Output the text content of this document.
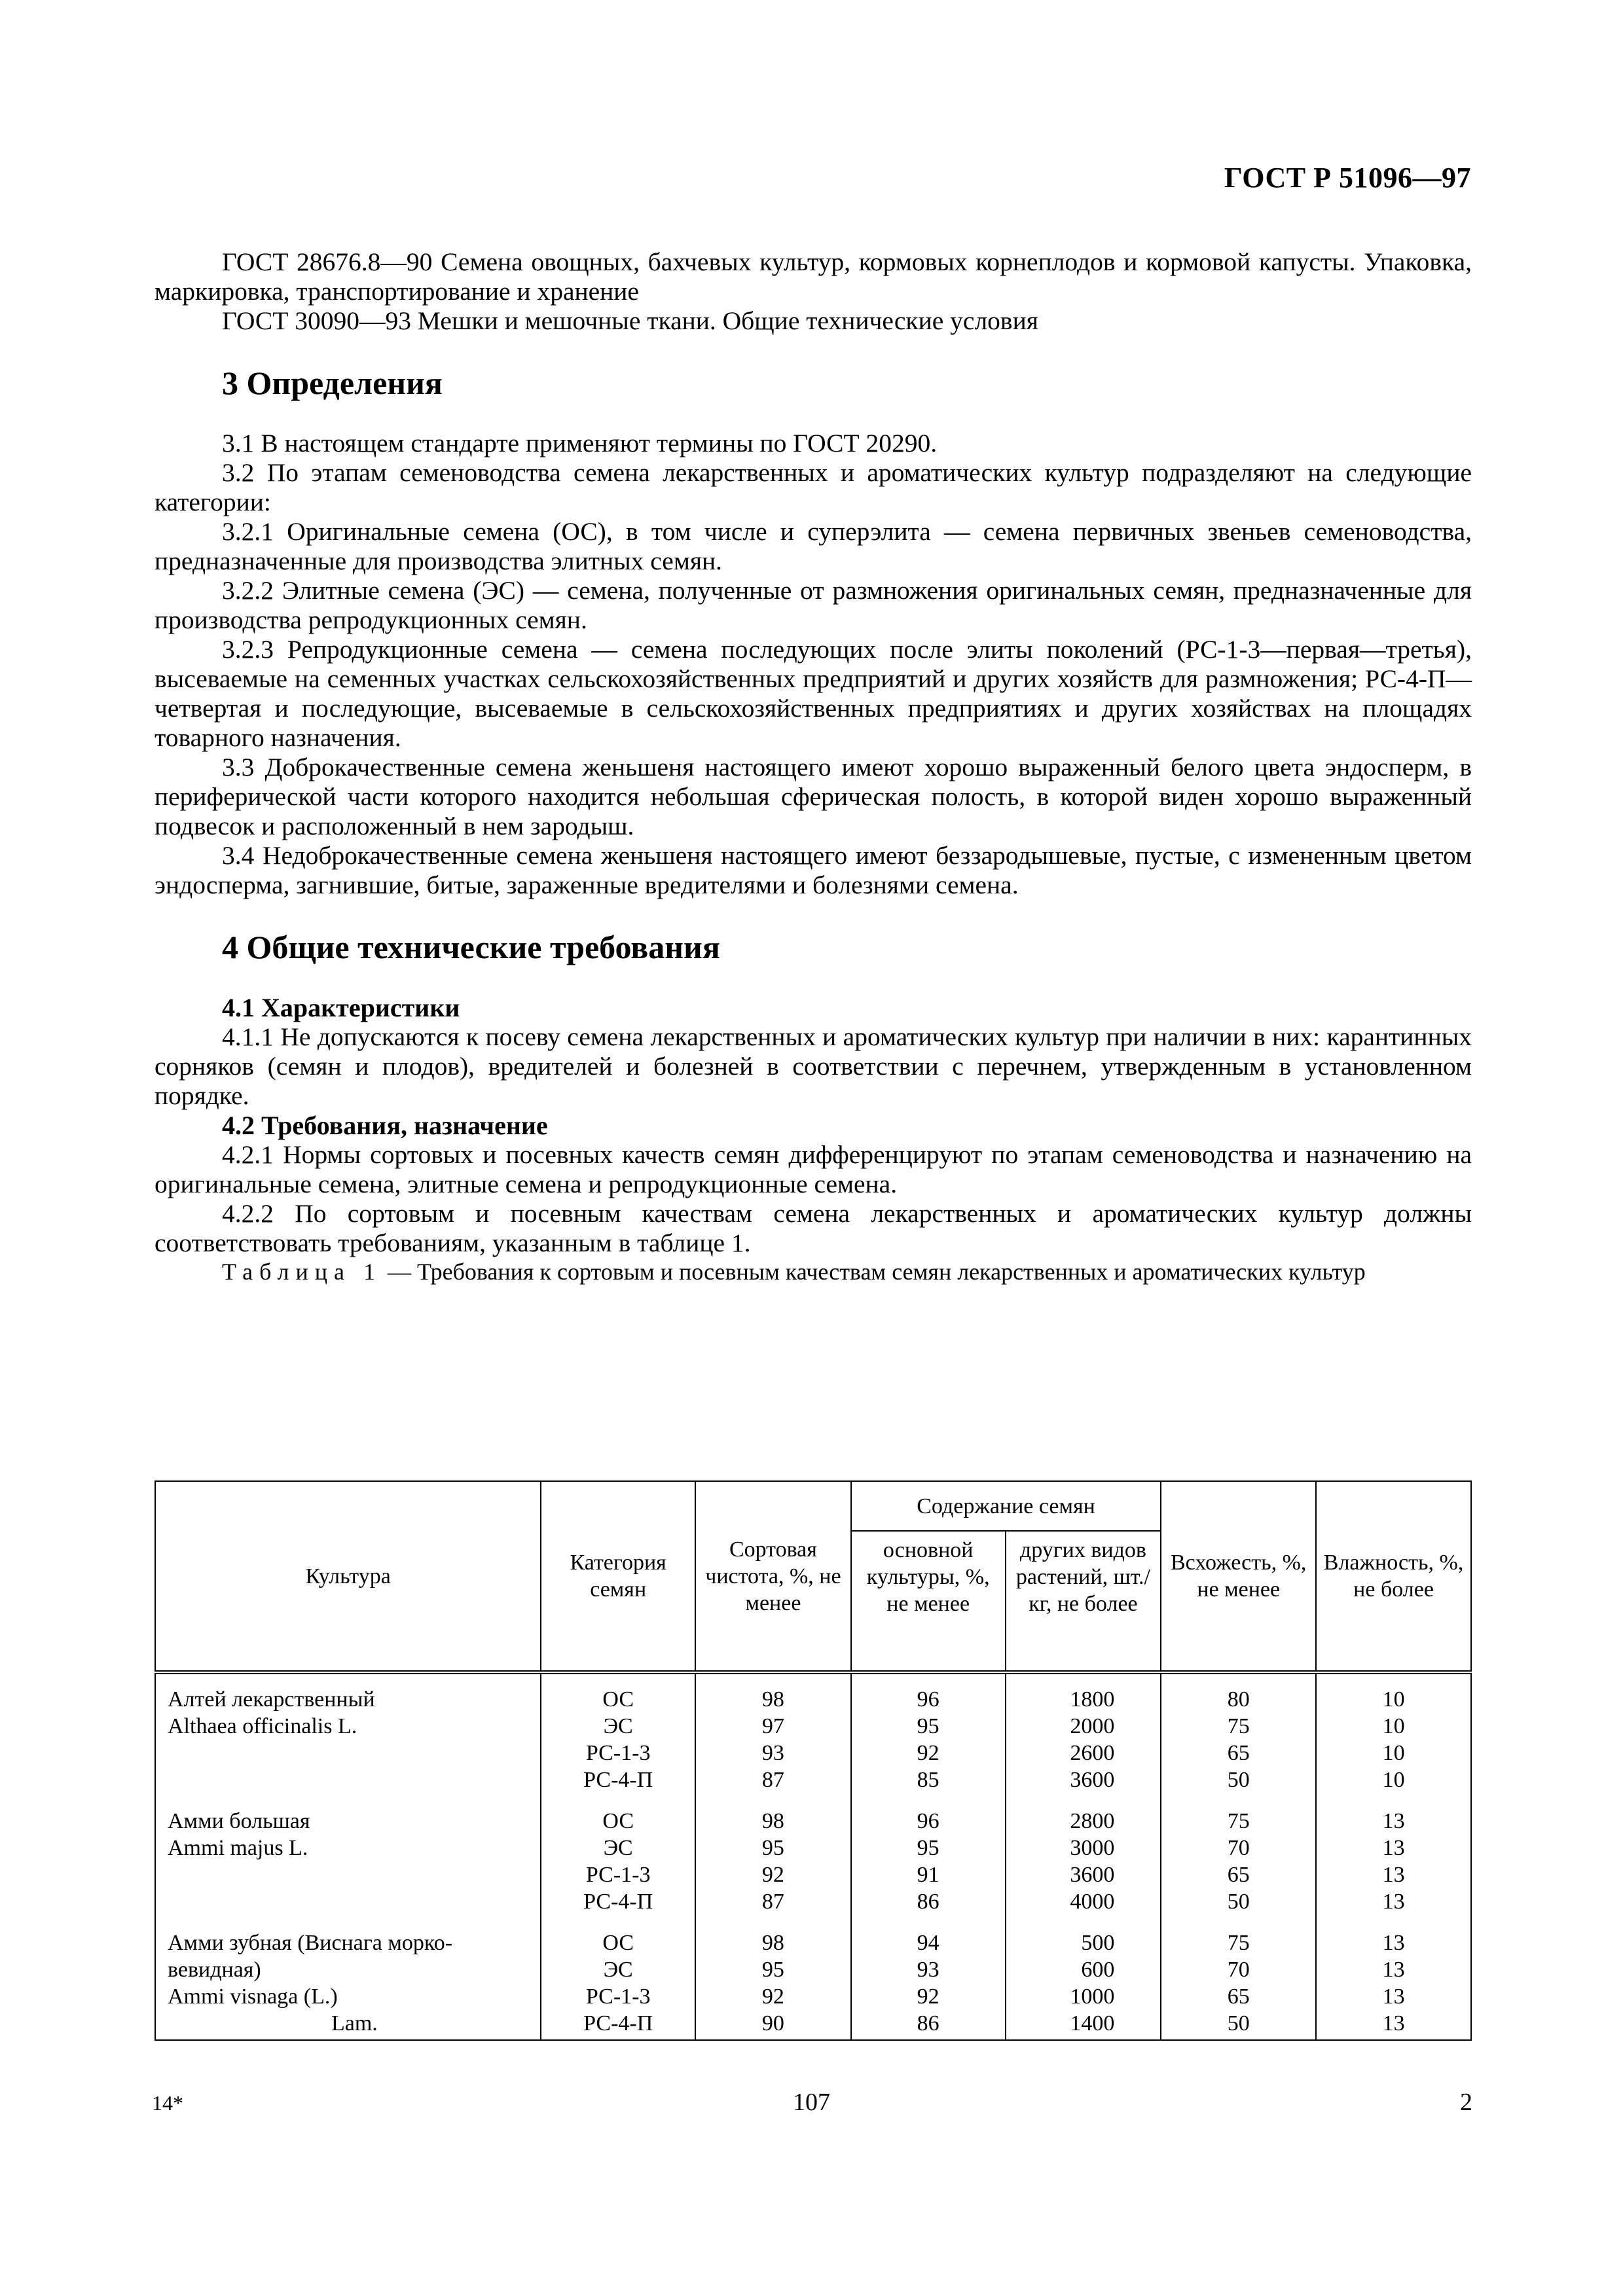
ГОСТ Р 51096—97

ГОСТ 28676.8—90 Семена овощных, бахчевых культур, кормовых корнеплодов и кормовой капусты. Упаковка, маркировка, транспортирование и хранение

ГОСТ 30090—93 Мешки и мешочные ткани. Общие технические условия

3 Определения

3.1 В настоящем стандарте применяют термины по ГОСТ 20290.

3.2 По этапам семеноводства семена лекарственных и ароматических культур подразделяют на следующие категории:

3.2.1 Оригинальные семена (ОС), в том числе и суперэлита — семена первичных звеньев семеноводства, предназначенные для производства элитных семян.

3.2.2 Элитные семена (ЭС) — семена, полученные от размножения оригинальных семян, предназначенные для производства репродукционных семян.

3.2.3 Репродукционные семена — семена последующих после элиты поколений (РС-1-3—первая—третья), высеваемые на семенных участках сельскохозяйственных предприятий и других хозяйств для размножения; РС-4-П—четвертая и последующие, высеваемые в сельскохозяйственных предприятиях и других хозяйствах на площадях товарного назначения.

3.3 Доброкачественные семена женьшеня настоящего имеют хорошо выраженный белого цвета эндосперм, в периферической части которого находится небольшая сферическая полость, в которой виден хорошо выраженный подвесок и расположенный в нем зародыш.

3.4 Недоброкачественные семена женьшеня настоящего имеют беззародышевые, пустые, с измененным цветом эндосперма, загнившие, битые, зараженные вредителями и болезнями семена.

4 Общие технические требования
4.1 Характеристики

4.1.1 Не допускаются к посеву семена лекарственных и ароматических культур при наличии в них: карантинных сорняков (семян и плодов), вредителей и болезней в соответствии с перечнем, утвержденным в установленном порядке.

4.2 Требования, назначение

4.2.1 Нормы сортовых и посевных качеств семян дифференцируют по этапам семеноводства и назначению на оригинальные семена, элитные семена и репродукционные семена.

4.2.2 По сортовым и посевным качествам семена лекарственных и ароматических культур должны соответствовать требованиям, указанным в таблице 1.

Таблица 1 — Требования к сортовым и посевным качествам семян лекарственных и ароматических культур

Культура	Категория семян	Сортовая чистота, %, не менее	Содержание семян		Всхожесть, %, не менее	Влажность, %, не более
			основной культуры, %, не менее	других видов растений, шт./кг, не более		
Алтей лекарственный	ОС	98	96	1800	80	10
Althaea officinalis L.	ЭС	97	95	2000	75	10
	РС-1-3	93	92	2600	65	10
	РС-4-П	87	85	3600	50	10
Амми большая	ОС	98	96	2800	75	13
Ammi majus L.	ЭС	95	95	3000	70	13
	РС-1-3	92	91	3600	65	13
	РС-4-П	87	86	4000	50	13
Амми зубная (Виснага морко-	ОС	98	94	500	75	13
вевидная)	ЭС	95	93	600	70	13
Ammi visnaga (L.)	РС-1-3	92	92	1000	65	13
Lam.	РС-4-П	90	86	1400	50	13
14*	107	2
